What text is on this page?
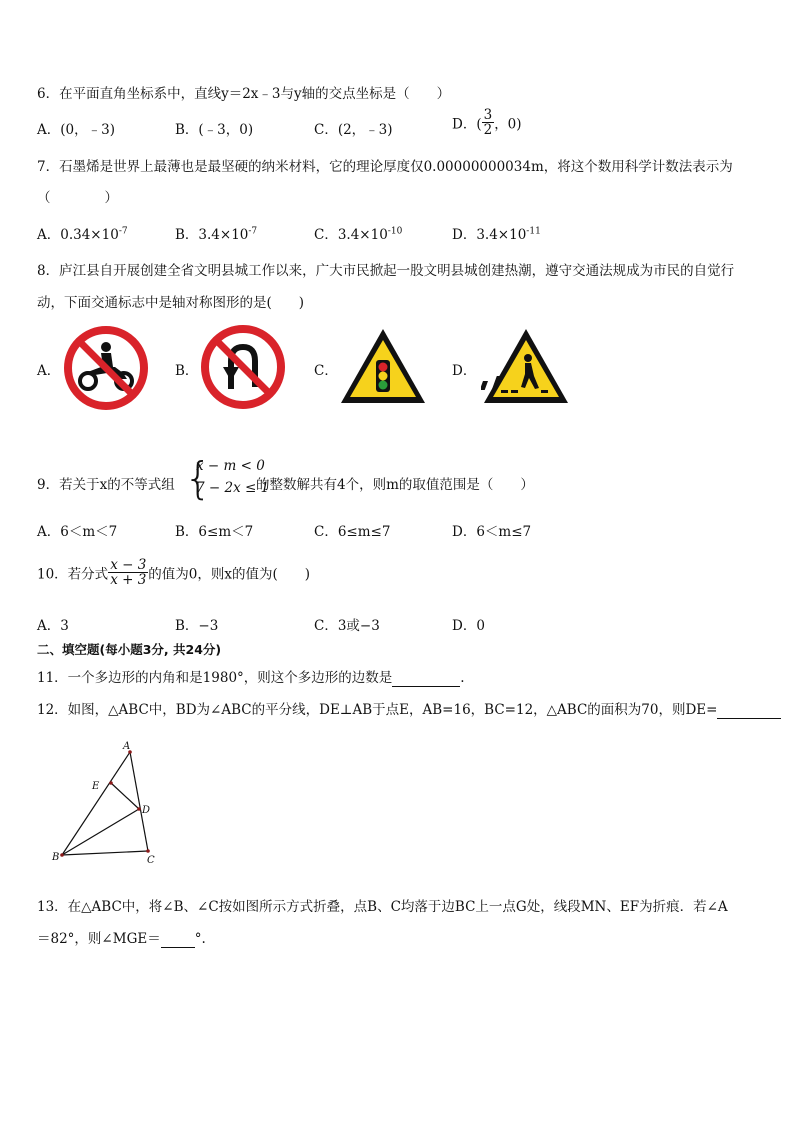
6．在平面直角坐标系中，直线y＝2x﹣3与y轴的交点坐标是（　　）
A．(0，﹣3)	B．(﹣3，0)	C．(2，﹣3)	D．( $\frac{3}{2}$ ，0)
7．石墨烯是世界上最薄也是最坚硬的纳米材料，它的理论厚度仅0.00000000034m，将这个数用科学计数法表示为
（　　　　）
A．$0.34\times 10^{-7}$	B．$3.4\times 10^{-7}$	C．$3.4\times 10^{-10}$	D．$3.4\times 10^{-11}$
8．庐江县自开展创建全省文明县城工作以来，广大市民掀起一股文明县城创建热潮，遵守交通法规成为市民的自觉行
动，下面交通标志中是轴对称图形的是(　　)
A．	B．	C．	D．
9．若关于x的不等式组 {
x − m < 0
7 − 2x ≤ 1
的整数解共有4个，则m的取值范围是（　　）
A．6＜m＜7	B．6≤m＜7	C．6≤m≤7	D．6＜m≤7
10．若分式 $\frac{x - 3}{x + 3}$ 的值为0，则x的值为(　　)
A．3	B．−3	C．3或−3	D．0
二、填空题(每小题3分, 共24分)
11．一个多边形的内角和是1980°，则这个多边形的边数是	.
12．如图，△ABC中，BD为∠ABC的平分线，DE⊥AB于点E，AB=16，BC=12，△ABC的面积为70，则DE=
A
B	C
D
E
13．在△ABC中，将∠B、∠C按如图所示方式折叠，点B、C均落于边BC上一点G处，线段MN、EF为折痕．若∠A
＝82°，则∠MGE＝	°.
